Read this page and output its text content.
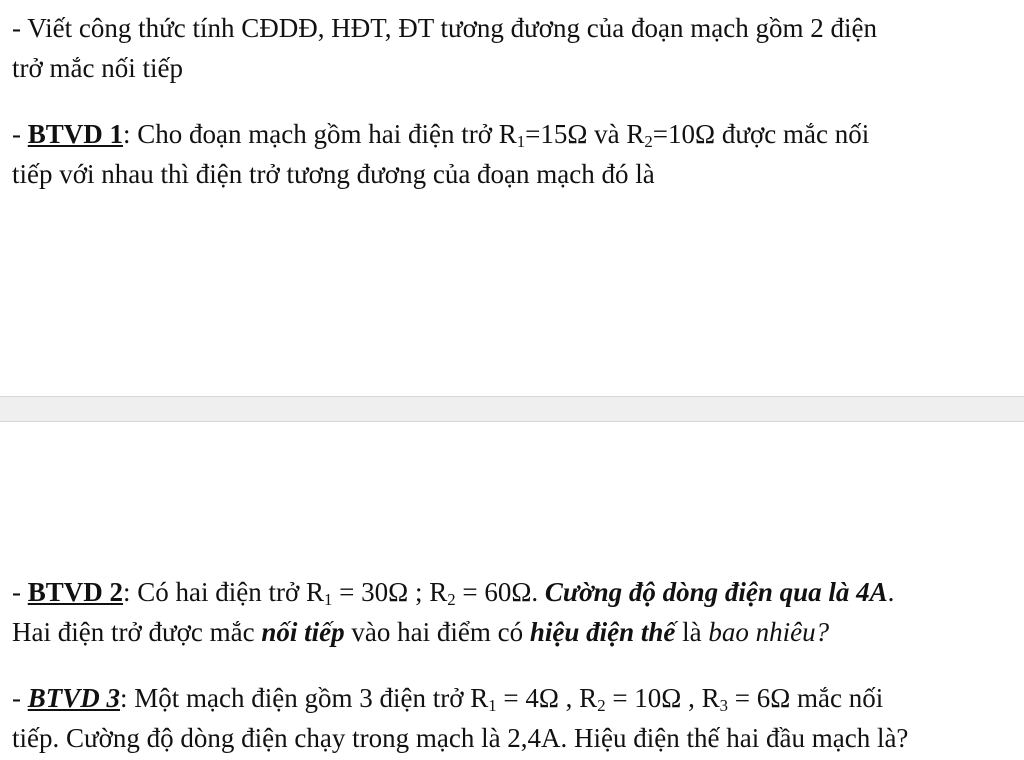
- Viết công thức tính CĐDĐ, HĐT, ĐT tương đương của đoạn mạch gồm 2 điện
trở mắc nối tiếp
- BTVD 1: Cho đoạn mạch gồm hai điện trở $R_1=15\Omega$ và $R_2=10\Omega$ được mắc nối
tiếp với nhau thì điện trở tương đương của đoạn mạch đó là
- BTVD 2: Có hai điện trở $R_1 = 30\Omega$ ; $R_2 = 60\Omega$. Cường độ dòng điện qua là 4A.
Hai điện trở được mắc nối tiếp vào hai điểm có hiệu điện thế là bao nhiêu?
- BTVD 3: Một mạch điện gồm 3 điện trở $R_1 = 4\Omega$ , $R_2 = 10\Omega$ , $R_3 = 6\Omega$ mắc nối
tiếp. Cường độ dòng điện chạy trong mạch là 2,4A. Hiệu điện thế hai đầu mạch là?
